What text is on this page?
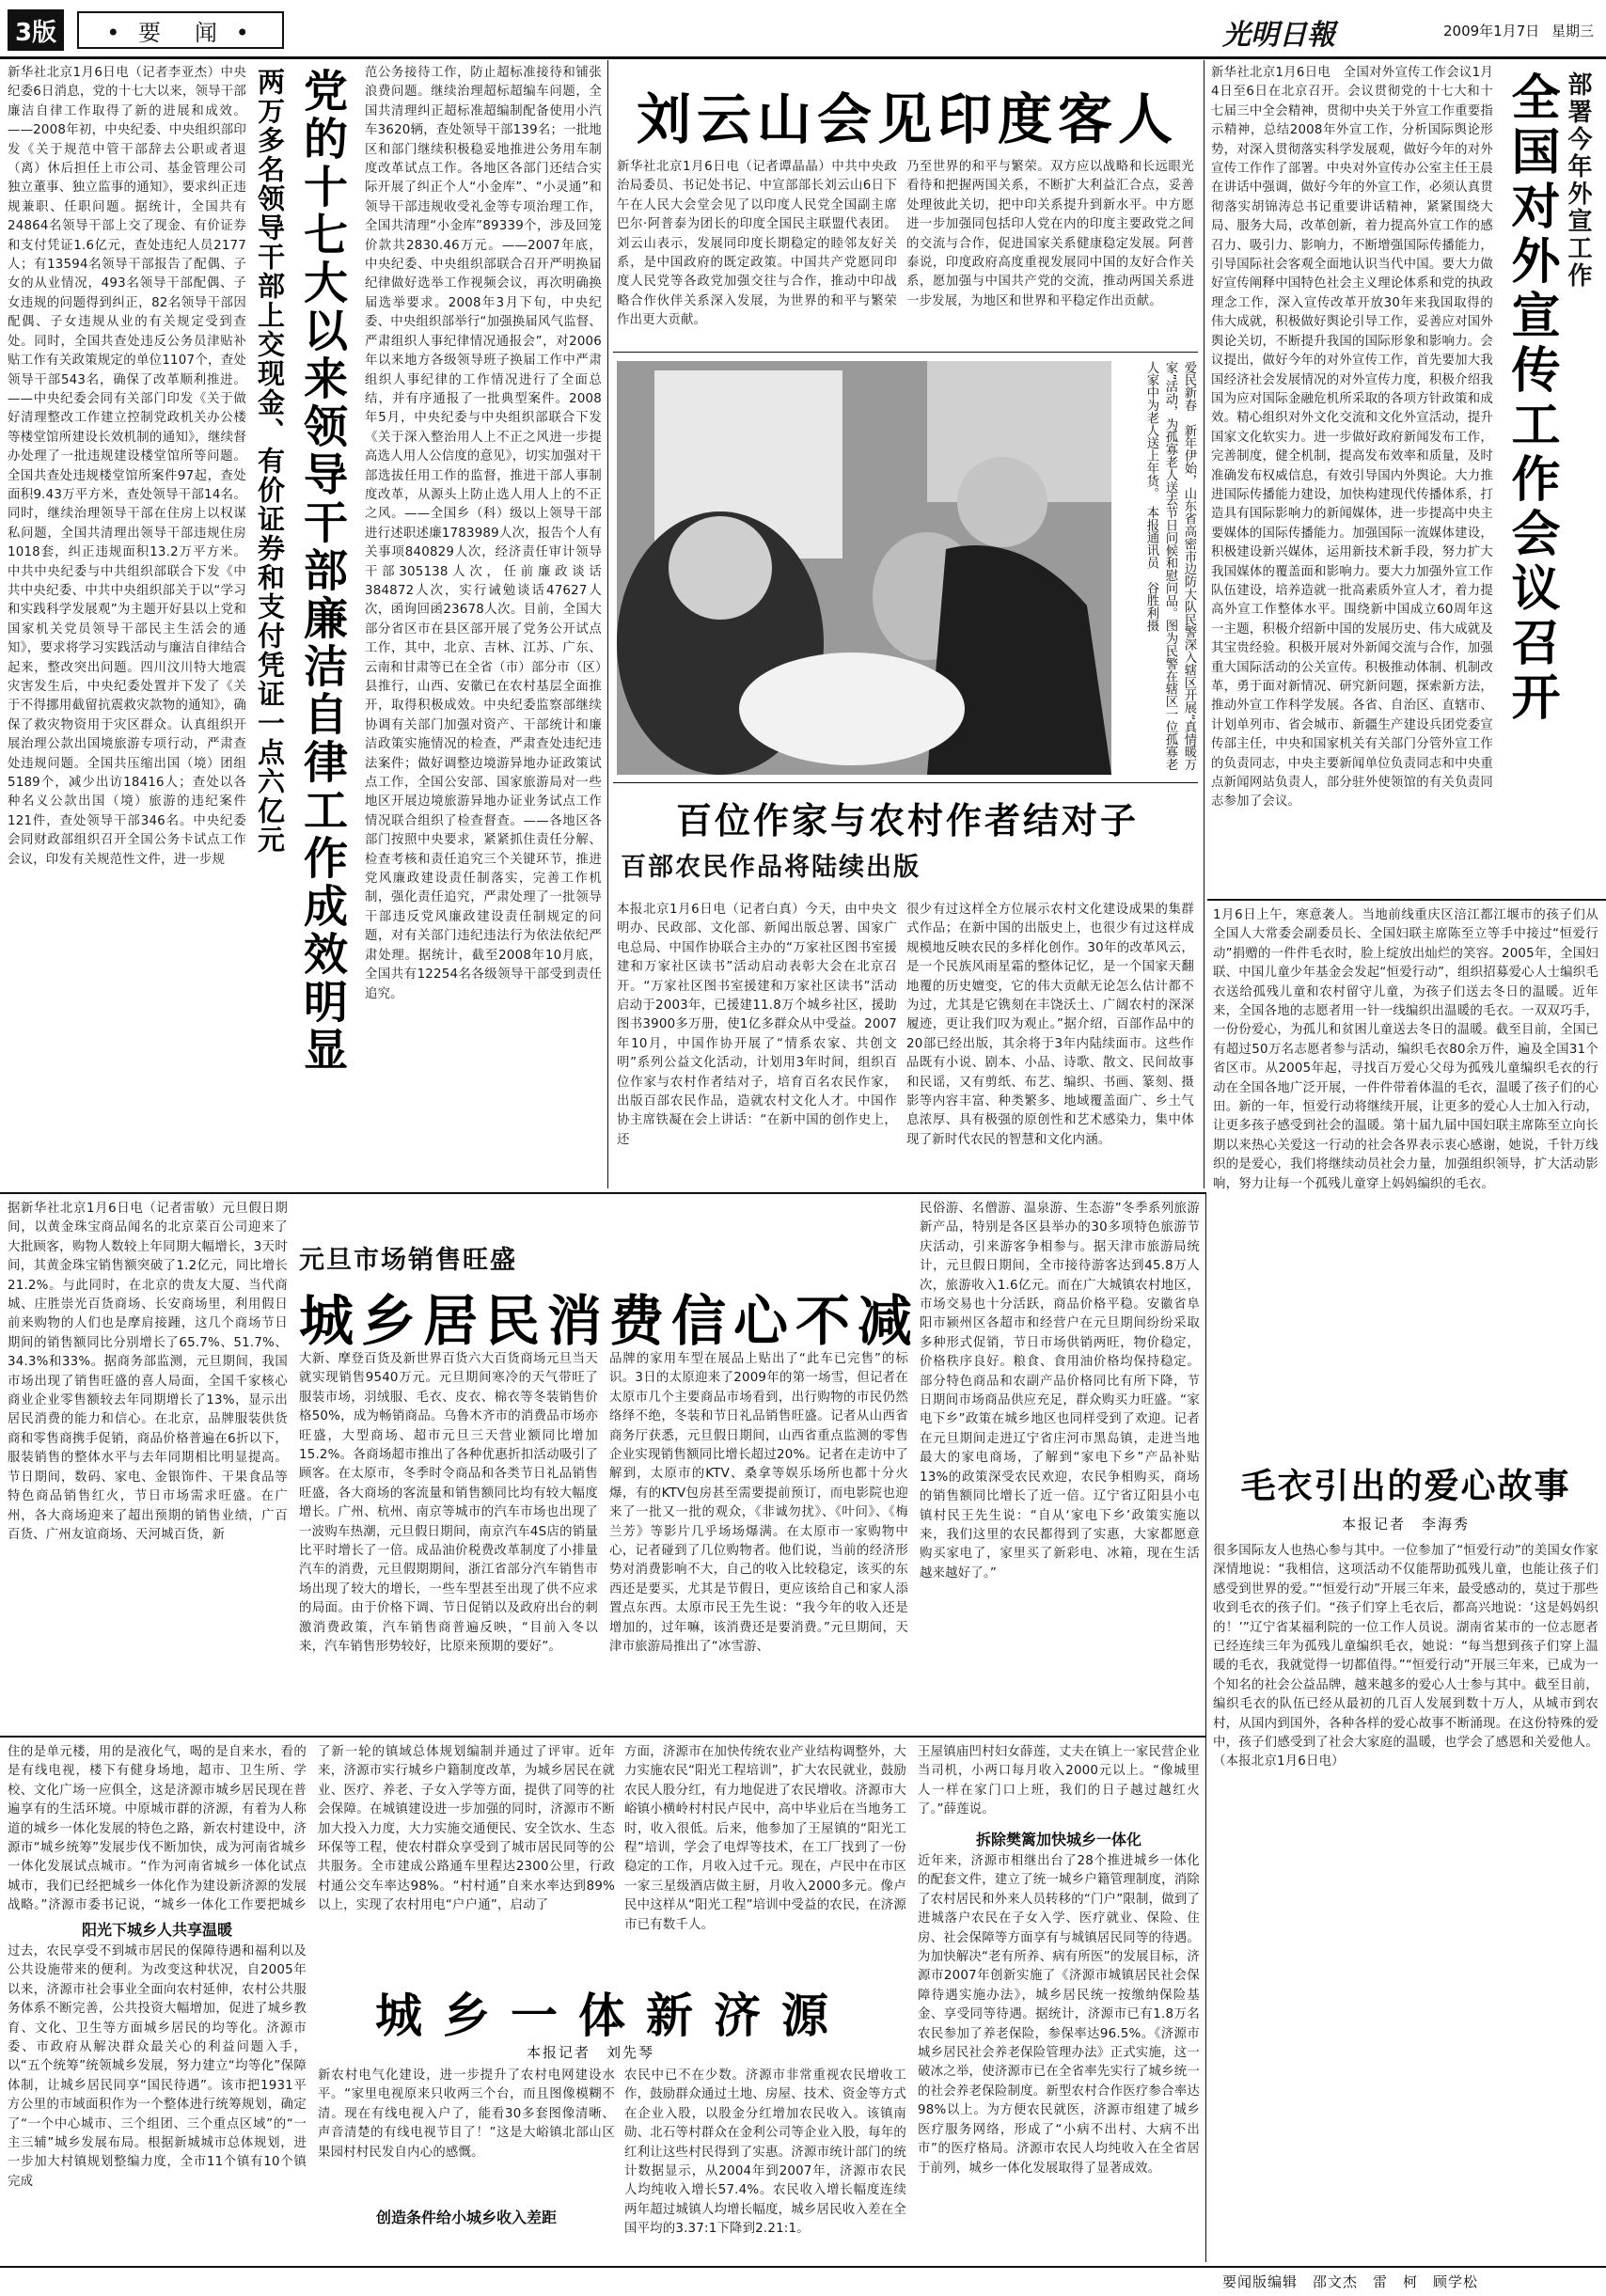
3版	• 要　闻 •	光明日報	2009年1月7日 星期三
新华社北京1月6日电（记者李亚杰）中央纪委6日消息，党的十七大以来，领导干部廉洁自律工作取得了新的进展和成效。——2008年初，中央纪委、中央组织部印发《关于规范中管干部辞去公职或者退（离）休后担任上市公司、基金管理公司独立董事、独立监事的通知》，要求纠正违规兼职、任职问题。据统计，全国共有24864名领导干部上交了现金、有价证券和支付凭证1.6亿元，查处违纪人员2177人；有13594名领导干部报告了配偶、子女的从业情况，493名领导干部配偶、子女违规的问题得到纠正，82名领导干部因配偶、子女违规从业的有关规定受到查处。同时，全国共查处违反公务员津贴补贴工作有关政策规定的单位1107个，查处领导干部543名，确保了改革顺利推进。——中央纪委会同有关部门印发《关于做好清理整改工作建立控制党政机关办公楼等楼堂馆所建设长效机制的通知》，继续督办处理了一批违规建设楼堂馆所等问题。全国共查处违规楼堂馆所案件97起，查处面积9.43万平方米，查处领导干部14名。同时，继续治理领导干部在住房上以权谋私问题，全国共清理出领导干部违规住房1018套，纠正违规面积13.2万平方米。中共中央纪委与中共组织部联合下发《中共中央纪委、中共中央组织部关于以“学习和实践科学发展观”为主题开好县以上党和国家机关党员领导干部民主生活会的通知》，要求将学习实践活动与廉洁自律结合起来，整改突出问题。四川汶川特大地震灾害发生后，中央纪委处置并下发了《关于不得挪用截留抗震救灾款物的通知》，确保了救灾物资用于灾区群众。认真组织开展治理公款出国境旅游专项行动，严肃查处违规问题。全国共压缩出国（境）团组5189个，减少出访18416人；查处以各种名义公款出国（境）旅游的违纪案件121件，查处领导干部346名。中央纪委会同财政部组织召开全国公务卡试点工作会议，印发有关规范性文件，进一步规	党的十七大以来领导干部廉洁自律工作成效明显
两万多名领导干部上交现金、有价证券和支付凭证一点六亿元	范公务接待工作，防止超标准接待和铺张浪费问题。继续治理超标超编车问题，全国共清理纠正超标准超编制配备使用小汽车3620辆，查处领导干部139名；一批地区和部门继续积极稳妥地推进公务用车制度改革试点工作。各地区各部门还结合实际开展了纠正个人“小金库”、“小灵通”和领导干部违规收受礼金等专项治理工作，全国共清理“小金库”89339个，涉及回笼价款共2830.46万元。——2007年底，中央纪委、中央组织部联合召开严明换届纪律做好选举工作视频会议，再次明确换届选举要求。2008年3月下旬，中央纪委、中央组织部举行“加强换届风气监督、严肃组织人事纪律情况通报会”，对2006年以来地方各级领导班子换届工作中严肃组织人事纪律的工作情况进行了全面总结，并有序通报了一批典型案件。2008年5月，中央纪委与中央组织部联合下发《关于深入整治用人上不正之风进一步提高选人用人公信度的意见》，切实加强对干部选拔任用工作的监督，推进干部人事制度改革，从源头上防止选人用人上的不正之风。——全国乡（科）级以上领导干部进行述职述廉1783989人次，报告个人有关事项840829人次，经济责任审计领导干部305138人次，任前廉政谈话384872人次，实行诫勉谈话47627人次，函询回函23678人次。目前，全国大部分省区市在县区部开展了党务公开试点工作，其中，北京、吉林、江苏、广东、云南和甘肃等已在全省（市）部分市（区）县推行，山西、安徽已在农村基层全面推开，取得积极成效。中央纪委监察部继续协调有关部门加强对资产、干部统计和廉洁政策实施情况的检查，严肃查处违纪违法案件；做好调整边境游异地办证政策试点工作，全国公安部、国家旅游局对一些地区开展边境旅游异地办证业务试点工作情况联合组织了检查督查。——各地区各部门按照中央要求，紧紧抓住责任分解、检查考核和责任追究三个关键环节，推进党风廉政建设责任制落实，完善工作机制，强化责任追究，严肃处理了一批领导干部违反党风廉政建设责任制规定的问题，对有关部门违纪违法行为依法依纪严肃处理。据统计，截至2008年10月底，全国共有12254名各级领导干部受到责任追究。
刘云山会见印度客人
新华社北京1月6日电（记者谭晶晶）中共中央政治局委员、书记处书记、中宣部部长刘云山6日下午在人民大会堂会见了以印度人民党全国副主席巴尔·阿普泰为团长的印度全国民主联盟代表团。刘云山表示，发展同印度长期稳定的睦邻友好关系，是中国政府的既定政策。中国共产党愿同印度人民党等各政党加强交往与合作，推动中印战略合作伙伴关系深入发展，为世界的和平与繁荣作出更大贡献。
乃至世界的和平与繁荣。双方应以战略和长远眼光看待和把握两国关系，不断扩大利益汇合点，妥善处理彼此关切，把中印关系提升到新水平。中方愿进一步加强同包括印人党在内的印度主要政党之间的交流与合作，促进国家关系健康稳定发展。阿普泰说，印度政府高度重视发展同中国的友好合作关系，愿加强与中国共产党的交流，推动两国关系进一步发展，为地区和世界和平稳定作出贡献。
爱民新春　新年伊始，山东省高密市边防大队民警深入辖区开展“真情暖万家”活动，为孤寡老人送去节日问候和慰问品。图为民警在辖区一位孤寡老人家中为老人送上年货。　本报通讯员　谷胜利摄
百位作家与农村作者结对子
百部农民作品将陆续出版
本报北京1月6日电（记者白真）今天，由中央文明办、民政部、文化部、新闻出版总署、国家广电总局、中国作协联合主办的“万家社区图书室援建和万家社区读书”活动启动表彰大会在北京召开。“万家社区图书室援建和万家社区读书”活动启动于2003年，已援建11.8万个城乡社区，援助图书3900多万册，使1亿多群众从中受益。2007年10月，中国作协开展了“情系农家、共创文明”系列公益文化活动，计划用3年时间，组织百位作家与农村作者结对子，培育百名农民作家，出版百部农民作品，造就农村文化人才。中国作协主席铁凝在会上讲话：“在新中国的创作史上，还
很少有过这样全方位展示农村文化建设成果的集群式作品；在新中国的出版史上，也很少有过这样成规模地反映农民的多样化创作。30年的改革风云，是一个民族风雨星霜的整体记忆，是一个国家天翻地覆的历史嬗变，它的伟大贡献无论怎么估计都不为过，尤其是它镌刻在丰饶沃土、广阔农村的深深履迹，更让我们叹为观止。”据介绍，百部作品中的20部已经出版，其余将于3年内陆续面市。这些作品既有小说、剧本、小品、诗歌、散文、民间故事和民谣，又有剪纸、布艺、编织、书画、篆刻、摄影等内容丰富、种类繁多、地域覆盖面广、乡土气息浓厚、具有极强的原创性和艺术感染力，集中体现了新时代农民的智慧和文化内涵。
新华社北京1月6日电　全国对外宣传工作会议1月4日至6日在北京召开。会议贯彻党的十七大和十七届三中全会精神，贯彻中央关于外宣工作重要指示精神，总结2008年外宣工作，分析国际舆论形势，对深入贯彻落实科学发展观，做好今年的对外宣传工作作了部署。中央对外宣传办公室主任王晨在讲话中强调，做好今年的外宣工作，必须认真贯彻落实胡锦涛总书记重要讲话精神，紧紧围绕大局、服务大局，改革创新，着力提高外宣工作的感召力、吸引力、影响力，不断增强国际传播能力，引导国际社会客观全面地认识当代中国。要大力做好宣传阐释中国特色社会主义理论体系和党的执政理念工作，深入宣传改革开放30年来我国取得的伟大成就，积极做好舆论引导工作，妥善应对国外舆论关切，不断提升我国的国际形象和影响力。会议提出，做好今年的对外宣传工作，首先要加大我国经济社会发展情况的对外宣传力度，积极介绍我国为应对国际金融危机所采取的各项方针政策和成效。精心组织对外文化交流和文化外宣活动，提升国家文化软实力。进一步做好政府新闻发布工作，完善制度，健全机制，提高发布效率和质量，及时准确发布权威信息，有效引导国内外舆论。大力推进国际传播能力建设，加快构建现代传播体系，打造具有国际影响力的新闻媒体，进一步提高中央主要媒体的国际传播能力。加强国际一流媒体建设，积极建设新兴媒体，运用新技术新手段，努力扩大我国媒体的覆盖面和影响力。要大力加强外宣工作队伍建设，培养造就一批高素质外宣人才，着力提高外宣工作整体水平。围绕新中国成立60周年这一主题，积极介绍新中国的发展历史、伟大成就及其宝贵经验。积极开展对外新闻交流与合作，加强重大国际活动的公关宣传。积极推动体制、机制改革，勇于面对新情况、研究新问题，探索新方法，推动外宣工作科学发展。各省、自治区、直辖市、计划单列市、省会城市、新疆生产建设兵团党委宣传部主任，中央和国家机关有关部门分管外宣工作的负责同志，中央主要新闻单位负责同志和中央重点新闻网站负责人，部分驻外使领馆的有关负责同志参加了会议。
部署今年外宣工作
全国对外宣传工作会议召开
1月6日上午，寒意袭人。当地前线重庆区涪江都江堰市的孩子们从全国人大常委会副委员长、全国妇联主席陈至立等手中接过“恒爱行动”捐赠的一件件毛衣时，脸上绽放出灿烂的笑容。2005年，全国妇联、中国儿童少年基金会发起“恒爱行动”，组织招募爱心人士编织毛衣送给孤残儿童和农村留守儿童，为孩子们送去冬日的温暖。近年来，全国各地的志愿者用一针一线编织出温暖的毛衣。一双双巧手，一份份爱心，为孤儿和贫困儿童送去冬日的温暖。截至目前，全国已有超过50万名志愿者参与活动，编织毛衣80余万件，遍及全国31个省区市。从2005年起，寻找百万爱心父母为孤残儿童编织毛衣的行动在全国各地广泛开展，一件件带着体温的毛衣，温暖了孩子们的心田。新的一年，恒爱行动将继续开展，让更多的爱心人士加入行动，让更多孩子感受到社会的温暖。第十届九届中国妇联主席陈至立向长期以来热心关爱这一行动的社会各界表示衷心感谢，她说，千针万线织的是爱心，我们将继续动员社会力量，加强组织领导，扩大活动影响，努力让每一个孤残儿童穿上妈妈编织的毛衣。
毛衣引出的爱心故事
本报记者　李海秀
很多国际友人也热心参与其中。一位参加了“恒爱行动”的美国女作家深情地说：“我相信，这项活动不仅能帮助孤残儿童，也能让孩子们感受到世界的爱。”“恒爱行动”开展三年来，最受感动的，莫过于那些收到毛衣的孩子们。“孩子们穿上毛衣后，都高兴地说：‘这是妈妈织的！’”辽宁省某福利院的一位工作人员说。湖南省某市的一位志愿者已经连续三年为孤残儿童编织毛衣，她说：“每当想到孩子们穿上温暖的毛衣，我就觉得一切都值得。”“恒爱行动”开展三年来，已成为一个知名的社会公益品牌，越来越多的爱心人士参与其中。截至目前，编织毛衣的队伍已经从最初的几百人发展到数十万人，从城市到农村，从国内到国外，各种各样的爱心故事不断涌现。在这份特殊的爱中，孩子们感受到了社会大家庭的温暖，也学会了感恩和关爱他人。（本报北京1月6日电）
据新华社北京1月6日电（记者雷敏）元旦假日期间，以黄金珠宝商品闻名的北京菜百公司迎来了大批顾客，购物人数较上年同期大幅增长，3天时间，其黄金珠宝销售额突破了1.2亿元，同比增长21.2%。与此同时，在北京的贵友大厦、当代商城、庄胜崇光百货商场、长安商场里，利用假日前来购物的人们也是摩肩接踵，这几个商场节日期间的销售额同比分别增长了65.7%、51.7%、34.3%和33%。据商务部监测，元旦期间，我国市场出现了销售旺盛的喜人局面，全国千家核心商业企业零售额较去年同期增长了13%，显示出居民消费的能力和信心。在北京，品牌服装供货商和零售商携手促销，商品价格普遍在6折以下，服装销售的整体水平与去年同期相比明显提高。节日期间，数码、家电、金银饰件、干果食品等特色商品销售红火，节日市场需求旺盛。在广州，各大商场迎来了超出预期的销售业绩，广百百货、广州友谊商场、天河城百货，新
元旦市场销售旺盛
城乡居民消费信心不减
大新、摩登百货及新世界百货六大百货商场元旦当天就实现销售9540万元。元旦期间寒冷的天气带旺了服装市场，羽绒服、毛衣、皮衣、棉衣等冬装销售价格50%，成为畅销商品。乌鲁木齐市的消费品市场亦旺盛，大型商场、超市元旦三天营业额同比增加15.2%。各商场超市推出了各种优惠折扣活动吸引了顾客。在太原市，冬季时令商品和各类节日礼品销售旺盛，各大商场的客流量和销售额同比均有较大幅度增长。广州、杭州、南京等城市的汽车市场也出现了一波购车热潮，元旦假日期间，南京汽车4S店的销量比平时增长了一倍。成品油价税费改革制度了小排量汽车的消费，元旦假期期间，浙江省部分汽车销售市场出现了较大的增长，一些车型甚至出现了供不应求的局面。由于价格下调、节日促销以及政府出台的刺激消费政策，汽车销售商普遍反映，“目前入冬以来，汽车销售形势较好，比原来预期的要好”。
品牌的家用车型在展品上贴出了“此车已完售”的标识。3日的太原迎来了2009年的第一场雪，但记者在太原市几个主要商品市场看到，出行购物的市民仍然络绎不绝，冬装和节日礼品销售旺盛。记者从山西省商务厅获悉，元旦假日期间，山西省重点监测的零售企业实现销售额同比增长超过20%。记者在走访中了解到，太原市的KTV、桑拿等娱乐场所也都十分火爆，有的KTV包房甚至需要提前预订，而电影院也迎来了一批又一批的观众，《非诚勿扰》、《叶问》、《梅兰芳》等影片几乎场场爆满。在太原市一家购物中心，记者碰到了几位购物者。他们说，当前的经济形势对消费影响不大，自己的收入比较稳定，该买的东西还是要买，尤其是节假日，更应该给自己和家人添置点东西。太原市民王先生说：“我今年的收入还是增加的，过年嘛，该消费还是要消费。”元旦期间，天津市旅游局推出了“冰雪游、
民俗游、名僧游、温泉游、生态游”冬季系列旅游新产品，特别是各区县举办的30多项特色旅游节庆活动，引来游客争相参与。据天津市旅游局统计，元旦假日期间，全市接待游客达到45.8万人次，旅游收入1.6亿元。而在广大城镇农村地区，市场交易也十分活跃，商品价格平稳。安徽省阜阳市颍州区各超市和经营户在元旦期间纷纷采取多种形式促销，节日市场供销两旺，物价稳定，价格秩序良好。粮食、食用油价格均保持稳定。部分特色商品和农副产品价格同比有所下降，节日期间市场商品供应充足，群众购买力旺盛。“家电下乡”政策在城乡地区也同样受到了欢迎。记者在元旦期间走进辽宁省庄河市黑岛镇，走进当地最大的家电商场，了解到“家电下乡”产品补贴13%的政策深受农民欢迎，农民争相购买，商场的销售额同比增长了近一倍。辽宁省辽阳县小屯镇村民王先生说：“自从‘家电下乡’政策实施以来，我们这里的农民都得到了实惠，大家都愿意购买家电了，家里买了新彩电、冰箱，现在生活越来越好了。”
住的是单元楼，用的是液化气，喝的是自来水，看的是有线电视，楼下有健身场地，超市、卫生所、学校、文化广场一应俱全，这是济源市城乡居民现在普遍享有的生活环境。中原城市群的济源，有着为人称道的城乡一体化发展的特色之路，新农村建设中，济源市“城乡统筹”发展步伐不断加快，成为河南省城乡一体化发展试点城市。“作为河南省城乡一体化试点城市，我们已经把城乡一体化作为建设新济源的发展战略。”济源市委书记说，“城乡一体化工作要把城乡
阳光下城乡人共享温暖
过去，农民享受不到城市居民的保障待遇和福利以及公共设施带来的便利。为改变这种状况，自2005年以来，济源市社会事业全面向农村延伸，农村公共服务体系不断完善，公共投资大幅增加，促进了城乡教育、文化、卫生等方面城乡居民的均等化。济源市委、市政府从解决群众最关心的利益问题入手，以“五个统筹”统领城乡发展，努力建立“均等化”保障体制，让城乡居民同享“国民待遇”。该市把1931平方公里的市域面积作为一个整体进行统筹规划，确定了“一个中心城市、三个组团、三个重点区域”的“一主三辅”城乡发展布局。根据新城城市总体规划，进一步加大村镇规划整编力度，全市11个镇有10个镇完成
了新一轮的镇域总体规划编制并通过了评审。近年来，济源市实行城乡户籍制度改革，为城乡居民在就业、医疗、养老、子女入学等方面，提供了同等的社会保障。在城镇建设进一步加强的同时，济源市不断加大投入力度，大力实施交通便民、安全饮水、生态环保等工程，使农村群众享受到了城市居民同等的公共服务。全市建成公路通车里程达2300公里，行政村通公交车率达98%。“村村通”自来水率达到89%以上，实现了农村用电“户户通”，启动了
方面，济源市在加快传统农业产业结构调整外，大力实施农民“阳光工程培训”，扩大农民就业，鼓励农民人股分红，有力地促进了农民增收。济源市大峪镇小横岭村村民卢民中，高中毕业后在当地务工时，收入很低。后来，他参加了王屋镇的“阳光工程”培训，学会了电焊等技术，在工厂找到了一份稳定的工作，月收入过千元。现在，卢民中在市区一家三星级酒店做主厨，月收入2000多元。像卢民中这样从“阳光工程”培训中受益的农民，在济源市已有数千人。
城乡一体新济源
本报记者　刘先琴
新农村电气化建设，进一步提升了农村电网建设水平。“家里电视原来只收两三个台，而且图像模糊不清。现在有线电视入户了，能看30多套图像清晰、声音清楚的有线电视节目了！”这是大峪镇北部山区果园村村民发自内心的感慨。
创造条件给小城乡收入差距
农民中已不在少数。济源市非常重视农民增收工作，鼓励群众通过土地、房屋、技术、资金等方式在企业入股，以股金分红增加农民收入。该镇南勋、北石等村群众在金利公司等企业入股，每年的红利让这些村民得到了实惠。济源市统计部门的统计数据显示，从2004年到2007年，济源市农民人均纯收入增长57.4%。农民收入增长幅度连续两年超过城镇人均增长幅度，城乡居民收入差在全国平均的3.37:1下降到2.21:1。
王屋镇庙凹村妇女薛莲，丈夫在镇上一家民营企业当司机，小两口每月收入2000元以上。“像城里人一样在家门口上班，我们的日子越过越红火了。”薛莲说。
拆除樊篱加快城乡一体化
近年来，济源市相继出台了28个推进城乡一体化的配套文件，建立了统一城乡户籍管理制度，消除了农村居民和外来人员转移的“门户”限制，做到了进城落户农民在子女入学、医疗就业、保险、住房、社会保障等方面享有与城镇居民同等的待遇。为加快解决“老有所养、病有所医”的发展目标，济源市2007年创新实施了《济源市城镇居民社会保障待遇实施办法》，城乡居民统一按缴纳保险基金、享受同等待遇。据统计，济源市已有1.8万名农民参加了养老保险，参保率达96.5%。《济源市城乡居民社会养老保险管理办法》正式实施，这一破冰之举，使济源市已在全省率先实行了城乡统一的社会养老保险制度。新型农村合作医疗参合率达98%以上。为方便农民就医，济源市组建了城乡医疗服务网络，形成了“小病不出村、大病不出市”的医疗格局。济源市农民人均纯收入在全省居于前列，城乡一体化发展取得了显著成效。
要闻版编辑　邵文杰　雷　柯　顾学松
